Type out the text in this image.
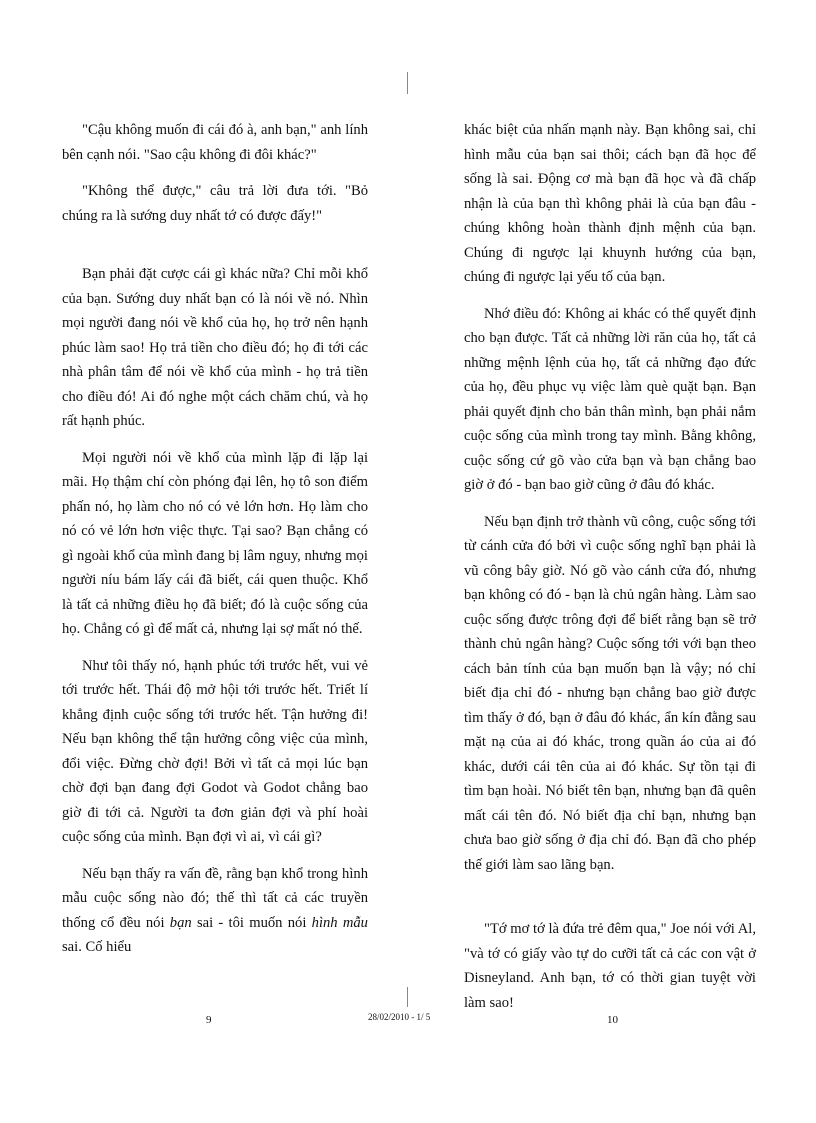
"Cậu không muốn đi cái đó à, anh bạn," anh lính bên cạnh nói. "Sao cậu không đi đôi khác?"

"Không thể được," câu trả lời đưa tới. "Bỏ chúng ra là sướng duy nhất tớ có được đấy!"

Bạn phải đặt cược cái gì khác nữa? Chỉ mỗi khổ của bạn. Sướng duy nhất bạn có là nói về nó. Nhìn mọi người đang nói về khổ của họ, họ trở nên hạnh phúc làm sao! Họ trả tiền cho điều đó; họ đi tới các nhà phân tâm để nói về khổ của mình - họ trả tiền cho điều đó! Ai đó nghe một cách chăm chú, và họ rất hạnh phúc.

Mọi người nói về khổ của mình lặp đi lặp lại mãi. Họ thậm chí còn phóng đại lên, họ tô son điểm phấn nó, họ làm cho nó có vẻ lớn hơn. Họ làm cho nó có vẻ lớn hơn việc thực. Tại sao? Bạn chẳng có gì ngoài khổ của mình đang bị lâm nguy, nhưng mọi người níu bám lấy cái đã biết, cái quen thuộc. Khổ là tất cả những điều họ đã biết; đó là cuộc sống của họ. Chẳng có gì để mất cả, nhưng lại sợ mất nó thế.

Như tôi thấy nó, hạnh phúc tới trước hết, vui vẻ tới trước hết. Thái độ mở hội tới trước hết. Triết lí khẳng định cuộc sống tới trước hết. Tận hưởng đi! Nếu bạn không thể tận hưởng công việc của mình, đổi việc. Đừng chờ đợi! Bởi vì tất cả mọi lúc bạn chờ đợi bạn đang đợi Godot và Godot chẳng bao giờ đi tới cả. Người ta đơn giản đợi và phí hoài cuộc sống của mình. Bạn đợi vì ai, vì cái gì?

Nếu bạn thấy ra vấn đề, rằng bạn khổ trong hình mẫu cuộc sống nào đó; thế thì tất cả các truyền thống cổ đều nói bạn sai - tôi muốn nói hình mẫu sai. Cố hiểu

khác biệt của nhấn mạnh này. Bạn không sai, chỉ hình mẫu của bạn sai thôi; cách bạn đã học để sống là sai. Động cơ mà bạn đã học và đã chấp nhận là của bạn thì không phải là của bạn đâu - chúng không hoàn thành định mệnh của bạn. Chúng đi ngược lại khuynh hướng của bạn, chúng đi ngược lại yếu tố của bạn.

Nhớ điều đó: Không ai khác có thể quyết định cho bạn được. Tất cả những lời răn của họ, tất cả những mệnh lệnh của họ, tất cả những đạo đức của họ, đều phục vụ việc làm què quặt bạn. Bạn phải quyết định cho bản thân mình, bạn phải nắm cuộc sống của mình trong tay mình. Bằng không, cuộc sống cứ gõ vào cửa bạn và bạn chẳng bao giờ ở đó - bạn bao giờ cũng ở đâu đó khác.

Nếu bạn định trở thành vũ công, cuộc sống tới từ cánh cửa đó bởi vì cuộc sống nghĩ bạn phải là vũ công bây giờ. Nó gõ vào cánh cửa đó, nhưng bạn không có đó - bạn là chủ ngân hàng. Làm sao cuộc sống được trông đợi để biết rằng bạn sẽ trở thành chủ ngân hàng? Cuộc sống tới với bạn theo cách bản tính của bạn muốn bạn là vậy; nó chỉ biết địa chỉ đó - nhưng bạn chẳng bao giờ được tìm thấy ở đó, bạn ở đâu đó khác, ẩn kín đằng sau mặt nạ của ai đó khác, trong quần áo của ai đó khác, dưới cái tên của ai đó khác. Sự tồn tại đi tìm bạn hoài. Nó biết tên bạn, nhưng bạn đã quên mất cái tên đó. Nó biết địa chỉ bạn, nhưng bạn chưa bao giờ sống ở địa chỉ đó. Bạn đã cho phép thế giới làm sao lãng bạn.

"Tớ mơ tớ là đứa trẻ đêm qua," Joe nói với Al, "và tớ có giấy vào tự do cưỡi tất cả các con vật ở Disneyland. Anh bạn, tớ có thời gian tuyệt vời làm sao!

9	28/02/2010 - 1/ 5	10
